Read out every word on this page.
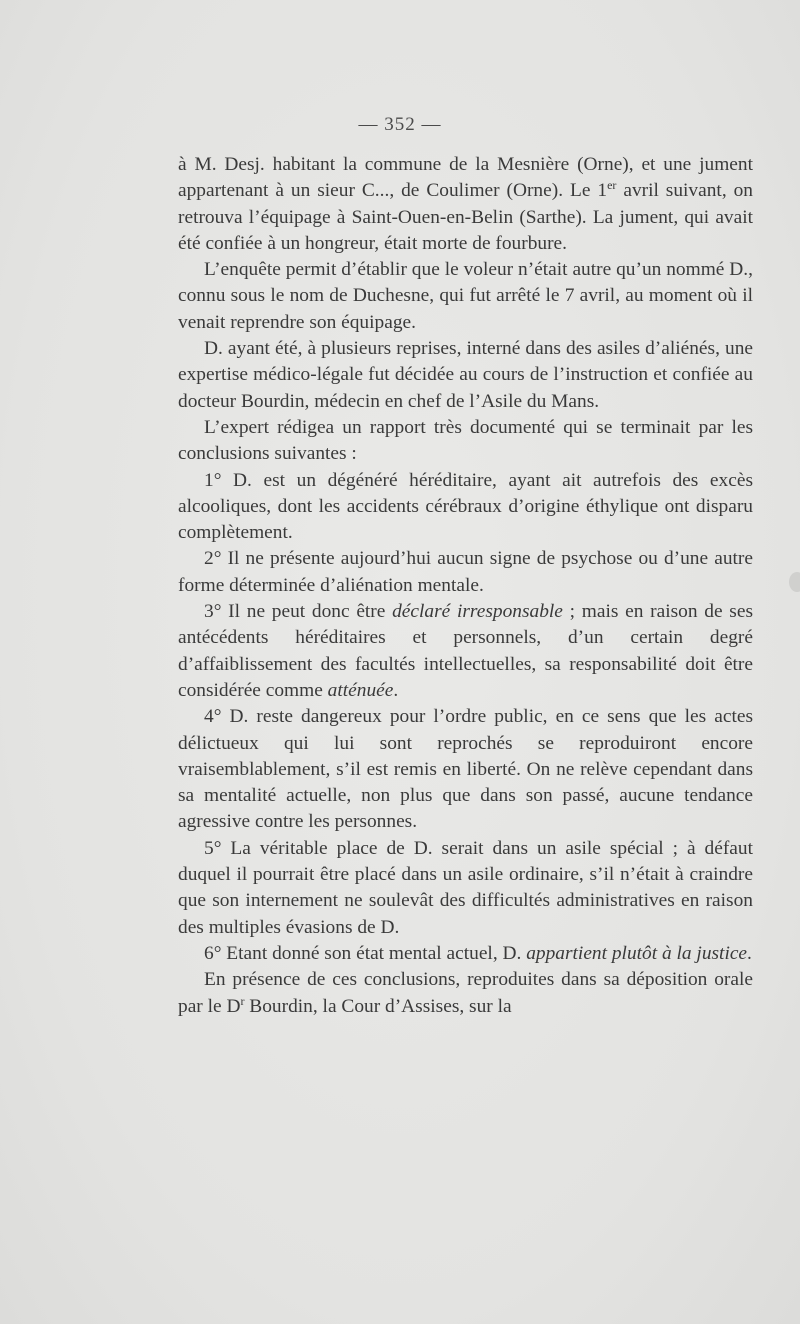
— 352 —

à M. Desj. habitant la commune de la Mesnière (Orne), et une jument appartenant à un sieur C..., de Coulimer (Orne). Le 1er avril suivant, on retrouva l’équipage à Saint-Ouen-en-Belin (Sarthe). La jument, qui avait été confiée à un hongreur, était morte de fourbure.

L’enquête permit d’établir que le voleur n’était autre qu’un nommé D., connu sous le nom de Duchesne, qui fut arrêté le 7 avril, au moment où il venait reprendre son équipage.

D. ayant été, à plusieurs reprises, interné dans des asiles d’aliénés, une expertise médico-légale fut décidée au cours de l’instruction et confiée au docteur Bourdin, médecin en chef de l’Asile du Mans.

L’expert rédigea un rapport très documenté qui se terminait par les conclusions suivantes :

1° D. est un dégénéré héréditaire, ayant ait autrefois des excès alcooliques, dont les accidents cérébraux d’origine éthylique ont disparu complètement.

2° Il ne présente aujourd’hui aucun signe de psychose ou d’une autre forme déterminée d’aliénation mentale.

3° Il ne peut donc être déclaré irresponsable ; mais en raison de ses antécédents héréditaires et personnels, d’un certain degré d’affaiblissement des facultés intellectuelles, sa responsabilité doit être considérée comme atténuée.

4° D. reste dangereux pour l’ordre public, en ce sens que les actes délictueux qui lui sont reprochés se reproduiront encore vraisemblablement, s’il est remis en liberté. On ne relève cependant dans sa mentalité actuelle, non plus que dans son passé, aucune tendance agressive contre les personnes.

5° La véritable place de D. serait dans un asile spécial ; à défaut duquel il pourrait être placé dans un asile ordinaire, s’il n’était à craindre que son internement ne soulevât des difficultés administratives en raison des multiples évasions de D.

6° Etant donné son état mental actuel, D. appartient plutôt à la justice.

En présence de ces conclusions, reproduites dans sa déposition orale par le $D^r$ Bourdin, la Cour d’Assises, sur la
